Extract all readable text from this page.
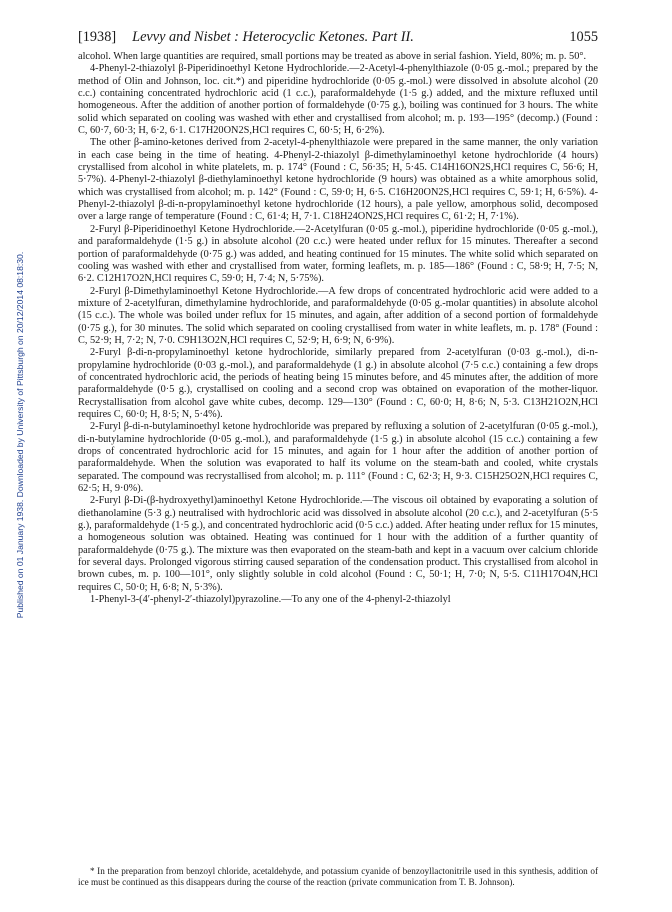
Published on 01 January 1938. Downloaded by University of Pittsburgh on 20/12/2014 08:18:30.
[1938] Levvy and Nisbet : Heterocyclic Ketones. Part II.	1055

alcohol. When large quantities are required, small portions may be treated as above in serial fashion. Yield, 80%; m. p. 50°.

4-Phenyl-2-thiazolyl β-Piperidinoethyl Ketone Hydrochloride.—2-Acetyl-4-phenylthiazole (0·05 g.-mol.; prepared by the method of Olin and Johnson, loc. cit.*) and piperidine hydrochloride (0·05 g.-mol.) were dissolved in absolute alcohol (20 c.c.) containing concentrated hydrochloric acid (1 c.c.), paraformaldehyde (1·5 g.) added, and the mixture refluxed until homogeneous. After the addition of another portion of formaldehyde (0·75 g.), boiling was continued for 3 hours. The white solid which separated on cooling was washed with ether and crystallised from alcohol; m. p. 193—195° (decomp.) (Found : C, 60·7, 60·3; H, 6·2, 6·1. C17H20ON2S,HCl requires C, 60·5; H, 6·2%).

The other β-amino-ketones derived from 2-acetyl-4-phenylthiazole were prepared in the same manner, the only variation in each case being in the time of heating. 4-Phenyl-2-thiazolyl β-dimethylaminoethyl ketone hydrochloride (4 hours) crystallised from alcohol in white platelets, m. p. 174° (Found : C, 56·35; H, 5·45. C14H16ON2S,HCl requires C, 56·6; H, 5·7%). 4-Phenyl-2-thiazolyl β-diethylaminoethyl ketone hydrochloride (9 hours) was obtained as a white amorphous solid, which was crystallised from alcohol; m. p. 142° (Found : C, 59·0; H, 6·5. C16H20ON2S,HCl requires C, 59·1; H, 6·5%). 4-Phenyl-2-thiazolyl β-di-n-propylaminoethyl ketone hydrochloride (12 hours), a pale yellow, amorphous solid, decomposed over a large range of temperature (Found : C, 61·4; H, 7·1. C18H24ON2S,HCl requires C, 61·2; H, 7·1%).

2-Furyl β-Piperidinoethyl Ketone Hydrochloride.—2-Acetylfuran (0·05 g.-mol.), piperidine hydrochloride (0·05 g.-mol.), and paraformaldehyde (1·5 g.) in absolute alcohol (20 c.c.) were heated under reflux for 15 minutes. Thereafter a second portion of paraformaldehyde (0·75 g.) was added, and heating continued for 15 minutes. The white solid which separated on cooling was washed with ether and crystallised from water, forming leaflets, m. p. 185—186° (Found : C, 58·9; H, 7·5; N, 6·2. C12H17O2N,HCl requires C, 59·0; H, 7·4; N, 5·75%).

2-Furyl β-Dimethylaminoethyl Ketone Hydrochloride.—A few drops of concentrated hydrochloric acid were added to a mixture of 2-acetylfuran, dimethylamine hydrochloride, and paraformaldehyde (0·05 g.-molar quantities) in absolute alcohol (15 c.c.). The whole was boiled under reflux for 15 minutes, and again, after addition of a second portion of formaldehyde (0·75 g.), for 30 minutes. The solid which separated on cooling crystallised from water in white leaflets, m. p. 178° (Found : C, 52·9; H, 7·2; N, 7·0. C9H13O2N,HCl requires C, 52·9; H, 6·9; N, 6·9%).

2-Furyl β-di-n-propylaminoethyl ketone hydrochloride, similarly prepared from 2-acetylfuran (0·03 g.-mol.), di-n-propylamine hydrochloride (0·03 g.-mol.), and paraformaldehyde (1 g.) in absolute alcohol (7·5 c.c.) containing a few drops of concentrated hydrochloric acid, the periods of heating being 15 minutes before, and 45 minutes after, the addition of more paraformaldehyde (0·5 g.), crystallised on cooling and a second crop was obtained on evaporation of the mother-liquor. Recrystallisation from alcohol gave white cubes, decomp. 129—130° (Found : C, 60·0; H, 8·6; N, 5·3. C13H21O2N,HCl requires C, 60·0; H, 8·5; N, 5·4%).

2-Furyl β-di-n-butylaminoethyl ketone hydrochloride was prepared by refluxing a solution of 2-acetylfuran (0·05 g.-mol.), di-n-butylamine hydrochloride (0·05 g.-mol.), and paraformaldehyde (1·5 g.) in absolute alcohol (15 c.c.) containing a few drops of concentrated hydrochloric acid for 15 minutes, and again for 1 hour after the addition of another portion of paraformaldehyde. When the solution was evaporated to half its volume on the steam-bath and cooled, white crystals separated. The compound was recrystallised from alcohol; m. p. 111° (Found : C, 62·3; H, 9·3. C15H25O2N,HCl requires C, 62·5; H, 9·0%).

2-Furyl β-Di-(β-hydroxyethyl)aminoethyl Ketone Hydrochloride.—The viscous oil obtained by evaporating a solution of diethanolamine (5·3 g.) neutralised with hydrochloric acid was dissolved in absolute alcohol (20 c.c.), and 2-acetylfuran (5·5 g.), paraformaldehyde (1·5 g.), and concentrated hydrochloric acid (0·5 c.c.) added. After heating under reflux for 15 minutes, a homogeneous solution was obtained. Heating was continued for 1 hour with the addition of a further quantity of paraformaldehyde (0·75 g.). The mixture was then evaporated on the steam-bath and kept in a vacuum over calcium chloride for several days. Prolonged vigorous stirring caused separation of the condensation product. This crystallised from alcohol in brown cubes, m. p. 100—101°, only slightly soluble in cold alcohol (Found : C, 50·1; H, 7·0; N, 5·5. C11H17O4N,HCl requires C, 50·0; H, 6·8; N, 5·3%).

1-Phenyl-3-(4′-phenyl-2′-thiazolyl)pyrazoline.—To any one of the 4-phenyl-2-thiazolyl

* In the preparation from benzoyl chloride, acetaldehyde, and potassium cyanide of benzoyllactonitrile used in this synthesis, addition of ice must be continued as this disappears during the course of the reaction (private communication from T. B. Johnson).
